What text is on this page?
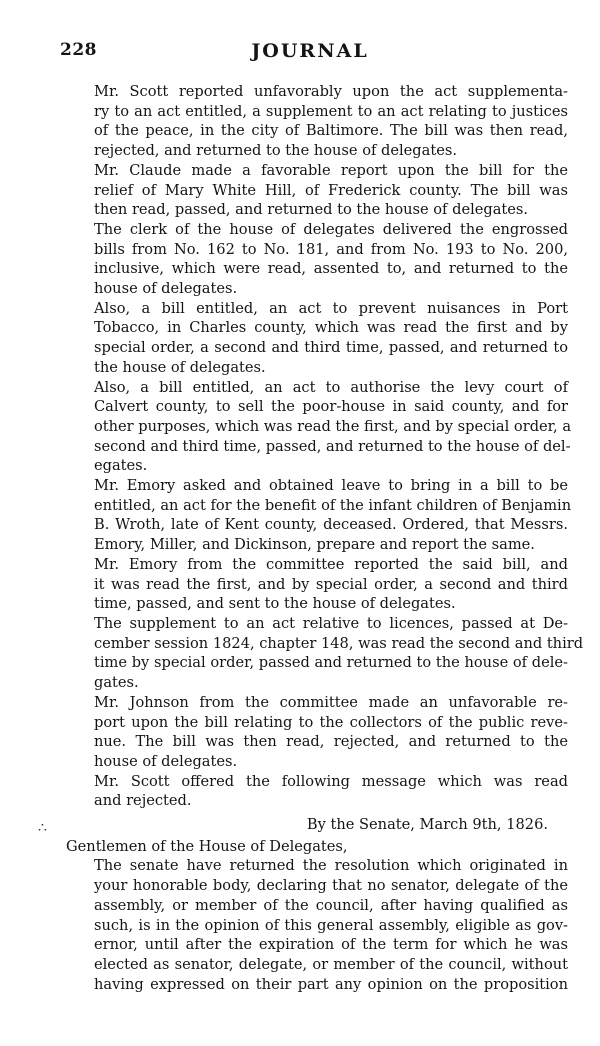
228	JOURNAL
∴

Mr. Scott reported unfavorably upon the act supplementa-
ry to an act entitled, a supplement to an act relating to justices
of the peace, in the city of Baltimore. The bill was then read,
rejected, and returned to the house of delegates.

Mr. Claude made a favorable report upon the bill for the
relief of Mary White Hill, of Frederick county. The bill was
then read, passed, and returned to the house of delegates.

The clerk of the house of delegates delivered the engrossed
bills from No. 162 to No. 181, and from No. 193 to No. 200,
inclusive, which were read, assented to, and returned to the
house of delegates.

Also, a bill entitled, an act to prevent nuisances in Port
Tobacco, in Charles county, which was read the first and by
special order, a second and third time, passed, and returned to
the house of delegates.

Also, a bill entitled, an act to authorise the levy court of
Calvert county, to sell the poor-house in said county, and for
other purposes, which was read the first, and by special order, a
second and third time, passed, and returned to the house of del-
egates.

Mr. Emory asked and obtained leave to bring in a bill to be
entitled, an act for the benefit of the infant children of Benjamin
B. Wroth, late of Kent county, deceased. Ordered, that Messrs.
Emory, Miller, and Dickinson, prepare and report the same.

Mr. Emory from the committee reported the said bill, and
it was read the first, and by special order, a second and third
time, passed, and sent to the house of delegates.

The supplement to an act relative to licences, passed at De-
cember session 1824, chapter 148, was read the second and third
time by special order, passed and returned to the house of dele-
gates.

Mr. Johnson from the committee made an unfavorable re-
port upon the bill relating to the collectors of the public reve-
nue. The bill was then read, rejected, and returned to the
house of delegates.

Mr. Scott offered the following message which was read
and rejected.

By the Senate, March 9th, 1826.
Gentlemen of the House of Delegates,

The senate have returned the resolution which originated in
your honorable body, declaring that no senator, delegate of the
assembly, or member of the council, after having qualified as
such, is in the opinion of this general assembly, eligible as gov-
ernor, until after the expiration of the term for which he was
elected as senator, delegate, or member of the council, without
having expressed on their part any opinion on the proposition
